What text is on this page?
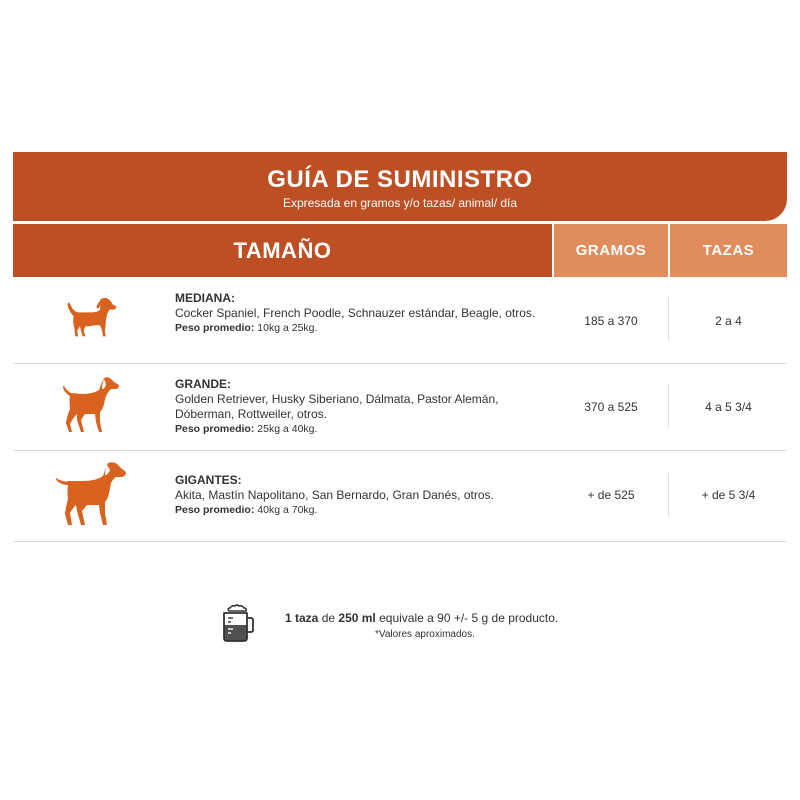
GUÍA DE SUMINISTRO
Expresada en gramos y/o tazas/ animal/ día
TAMAÑO	GRAMOS	TAZAS
MEDIANA:
Cocker Spaniel, French Poodle, Schnauzer estándar, Beagle, otros.
Peso promedio: 10kg a 25kg.
185 a 370	2 a 4
GRANDE:
Golden Retriever, Husky Siberiano, Dálmata, Pastor Alemán, Dóberman, Rottweiler, otros.
Peso promedio: 25kg a 40kg.
370 a 525	4 a 5 3/4
GIGANTES:
Akita, Mastín Napolitano, San Bernardo, Gran Danés, otros.
Peso promedio: 40kg a 70kg.
+ de 525	+ de 5 3/4
1 taza de 250 ml equivale a 90 +/- 5 g de producto.
*Valores aproximados.
